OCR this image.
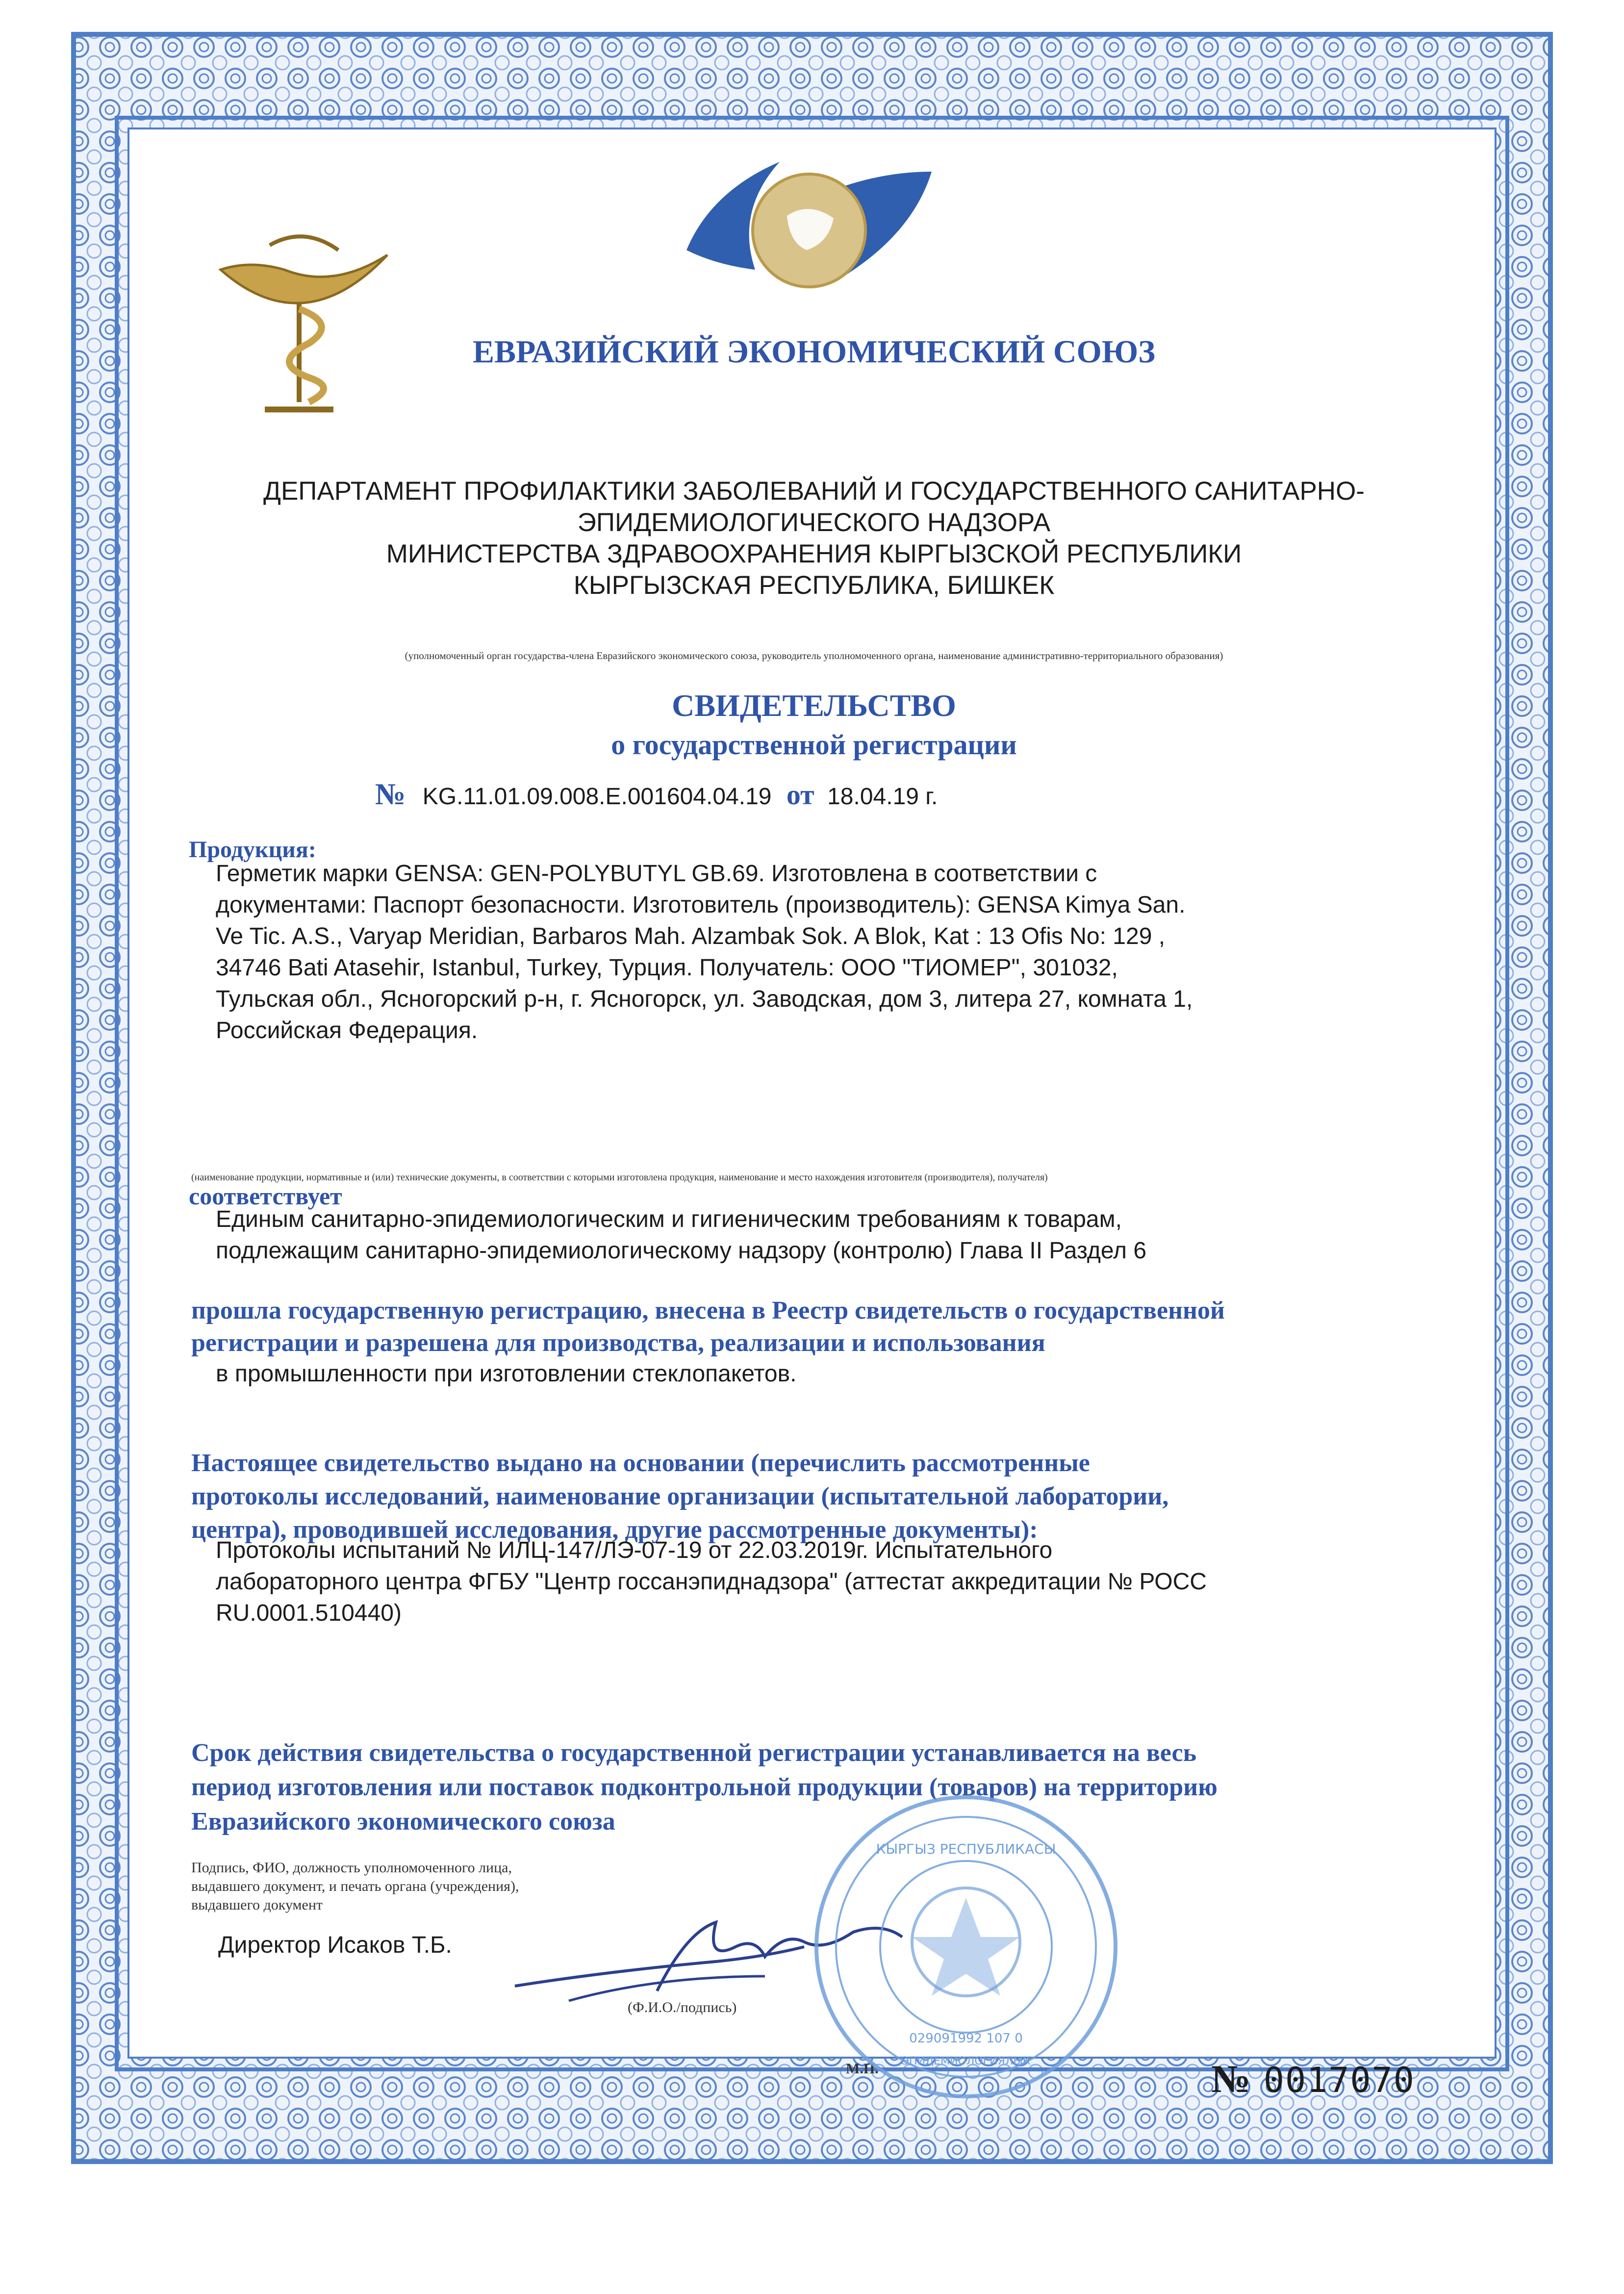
ЕВРАЗИЙСКИЙ ЭКОНОМИЧЕСКИЙ СОЮЗ
ДЕПАРТАМЕНТ ПРОФИЛАКТИКИ ЗАБОЛЕВАНИЙ И ГОСУДАРСТВЕННОГО САНИТАРНО-
ЭПИДЕМИОЛОГИЧЕСКОГО НАДЗОРА
МИНИСТЕРСТВА ЗДРАВООХРАНЕНИЯ КЫРГЫЗСКОЙ РЕСПУБЛИКИ
КЫРГЫЗСКАЯ РЕСПУБЛИКА, БИШКЕК
(уполномоченный орган государства-члена Евразийского экономического союза, руководитель уполномоченного органа, наименование административно-территориального образования)
СВИДЕТЕЛЬСТВО
о государственной регистрации
№ KG.11.01.09.008.E.001604.04.19 от 18.04.19 г.
Продукция:
Герметик марки GENSA: GEN-POLYBUTYL GB.69. Изготовлена в соответствии с
документами: Паспорт безопасности. Изготовитель (производитель): GENSA Kimya San.
Ve Tic. A.S., Varyap Meridian, Barbaros Mah. Alzambak Sok. A Blok, Kat : 13 Ofis No: 129 ,
34746 Bati Atasehir, Istanbul, Turkey, Турция. Получатель: ООО "ТИОМЕР", 301032,
Тульская обл., Ясногорский р-н, г. Ясногорск, ул. Заводская, дом 3, литера 27, комната 1,
Российская Федерация.
(наименование продукции, нормативные и (или) технические документы, в соответствии с которыми изготовлена продукция, наименование и место нахождения изготовителя (производителя), получателя)
соответствует
Единым санитарно-эпидемиологическим и гигиеническим требованиям к товарам,
подлежащим санитарно-эпидемиологическому надзору (контролю) Глава II Раздел 6
прошла государственную регистрацию, внесена в Реестр свидетельств о государственной
регистрации и разрешена для производства, реализации и использования
в промышленности при изготовлении стеклопакетов.
Настоящее свидетельство выдано на основании (перечислить рассмотренные
протоколы исследований, наименование организации (испытательной лаборатории,
центра), проводившей исследования, другие рассмотренные документы):
Протоколы испытаний № ИЛЦ-147/ЛЭ-07-19 от 22.03.2019г. Испытательного
лабораторного центра ФГБУ "Центр госсанэпиднадзора" (аттестат аккредитации № РОСС
RU.0001.510440)
Срок действия свидетельства о государственной регистрации устанавливается на весь
период изготовления или поставок подконтрольной продукции (товаров) на территорию
Евразийского экономического союза
Подпись, ФИО, должность уполномоченного лица,
выдавшего документ, и печать органа (учреждения),
выдавшего документ
Директор Исаков Т.Б.
(Ф.И.О./подпись)
М.П.
КЫРГЫЗ РЕСПУБЛИКАСЫ
029091992 107 0
ЭПИДЕМИОЛОГИЯЛЫК	№ 0017070
